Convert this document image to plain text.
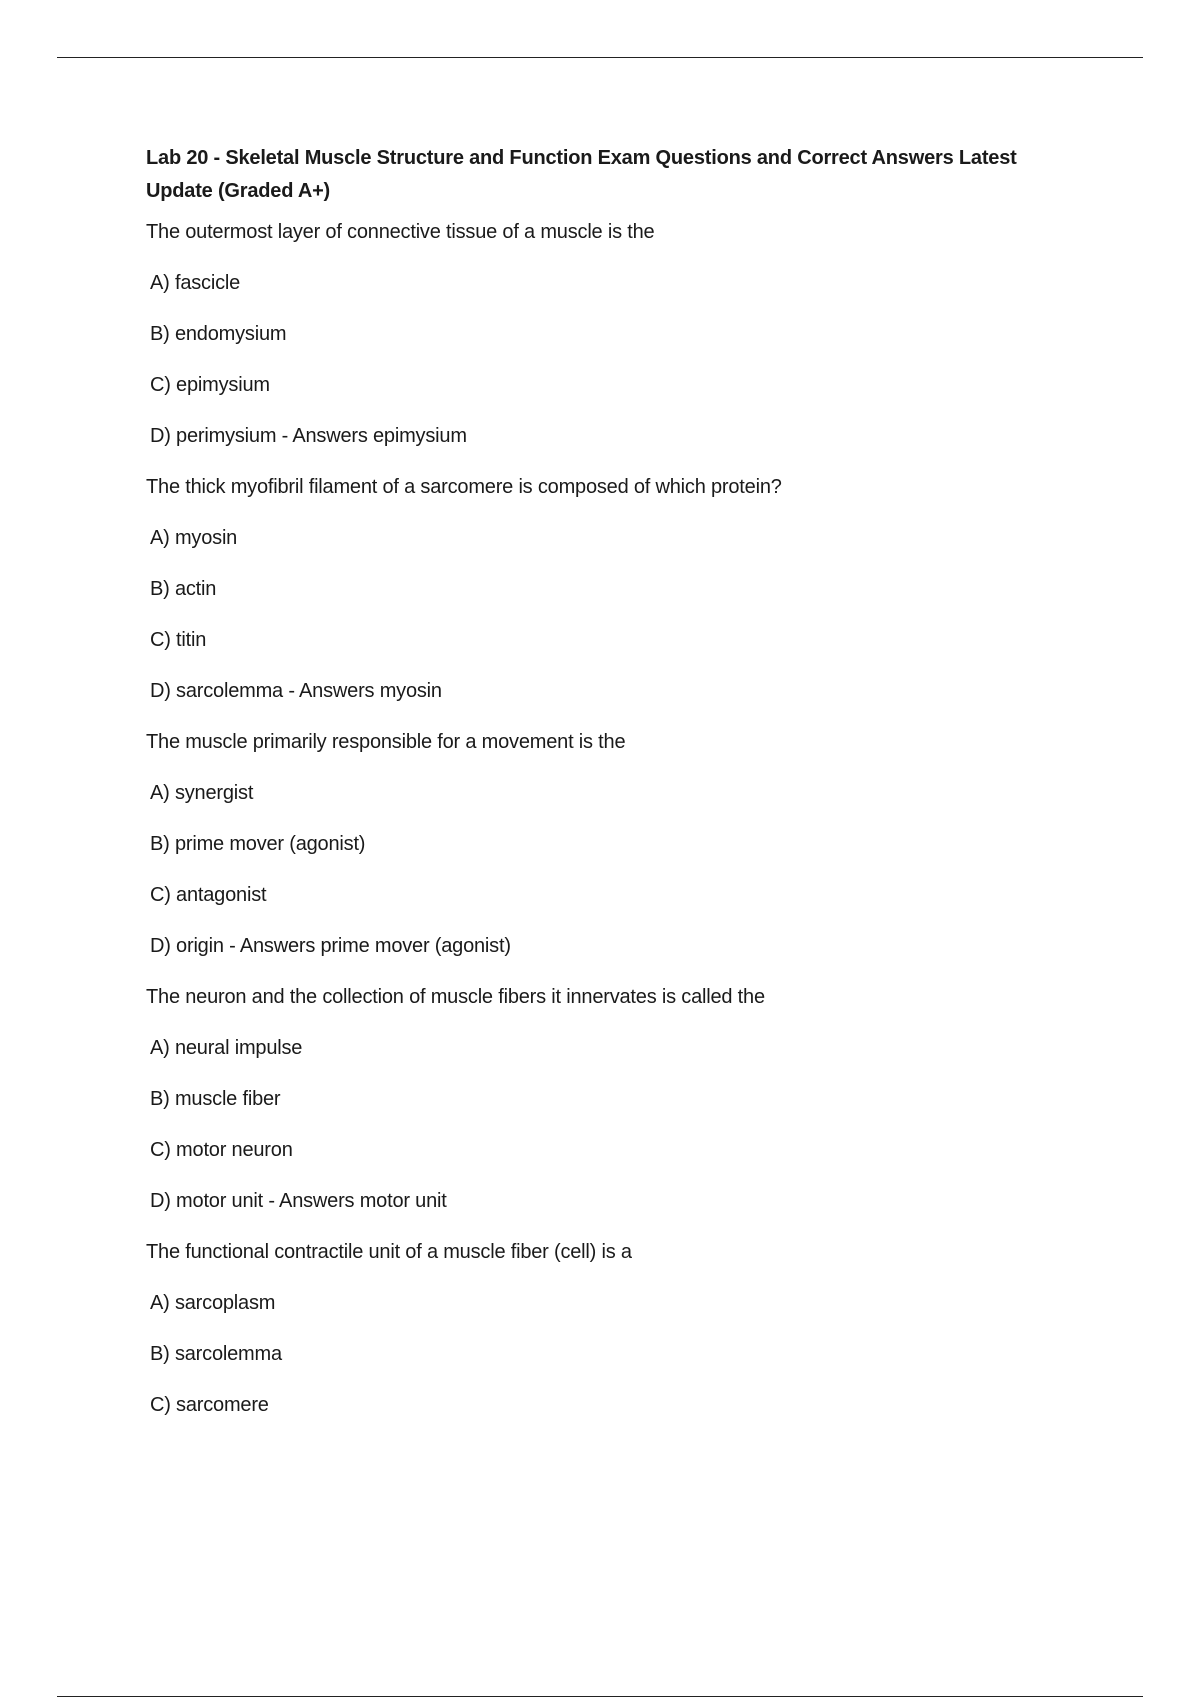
Lab 20 - Skeletal Muscle Structure and Function Exam Questions and Correct Answers Latest Update (Graded A+)
The outermost layer of connective tissue of a muscle is the
A) fascicle
B) endomysium
C) epimysium
D) perimysium - Answers epimysium
The thick myofibril filament of a sarcomere is composed of which protein?
A) myosin
B) actin
C) titin
D) sarcolemma - Answers myosin
The muscle primarily responsible for a movement is the
A) synergist
B) prime mover (agonist)
C) antagonist
D) origin - Answers prime mover (agonist)
The neuron and the collection of muscle fibers it innervates is called the
A) neural impulse
B) muscle fiber
C) motor neuron
D) motor unit - Answers motor unit
The functional contractile unit of a muscle fiber (cell) is a
A) sarcoplasm
B) sarcolemma
C) sarcomere
